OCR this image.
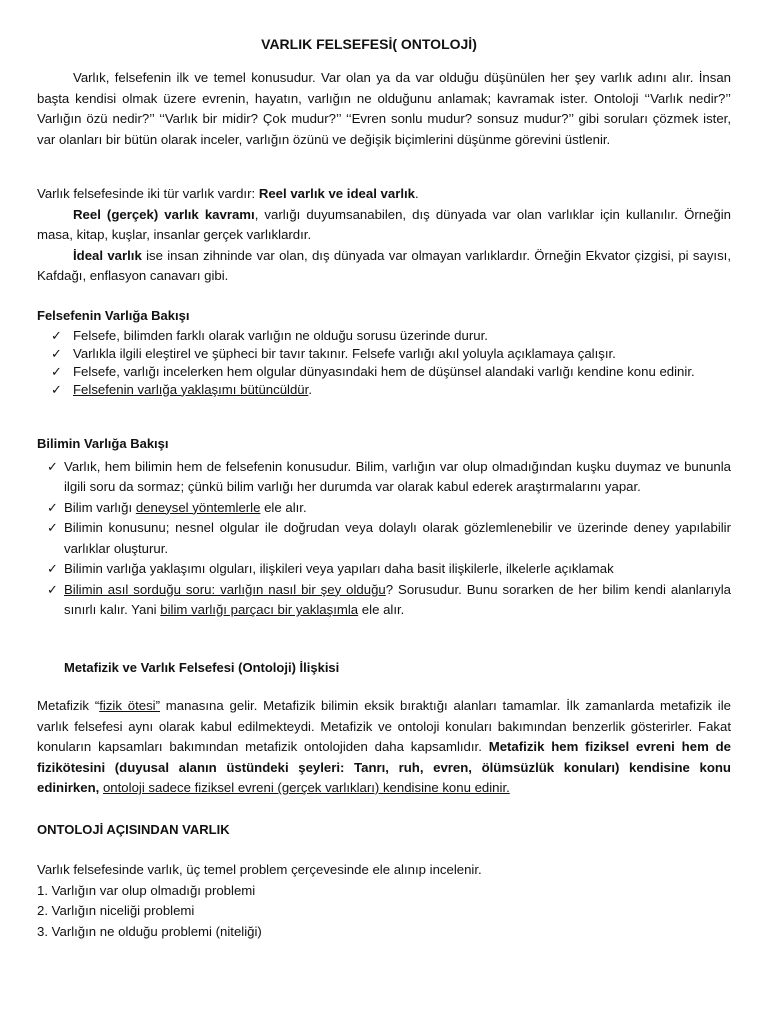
VARLIK FELSEFESİ( ONTOLOJİ)

Varlık, felsefenin ilk ve temel konusudur. Var olan ya da var olduğu düşünülen her şey varlık adını alır. İnsan başta kendisi olmak üzere evrenin, hayatın, varlığın ne olduğunu anlamak; kavramak ister. Ontoloji ‘‘Varlık nedir?’’ Varlığın özü nedir?’’ ‘‘Varlık bir midir? Çok mudur?’’ ‘‘Evren sonlu mudur? sonsuz mudur?’’ gibi soruları çözmek ister, var olanları bir bütün olarak inceler, varlığın özünü ve değişik biçimlerini düşünme görevini üstlenir.

Varlık felsefesinde iki tür varlık vardır: Reel varlık ve ideal varlık.

Reel (gerçek) varlık kavramı, varlığı duyumsanabilen, dış dünyada var olan varlıklar için kullanılır. Örneğin masa, kitap, kuşlar, insanlar gerçek varlıklardır.

İdeal varlık ise insan zihninde var olan, dış dünyada var olmayan varlıklardır. Örneğin Ekvator çizgisi, pi sayısı, Kafdağı, enflasyon canavarı gibi.

Felsefenin Varlığa Bakışı

✓ Felsefe, bilimden farklı olarak varlığın ne olduğu sorusu üzerinde durur.
✓ Varlıkla ilgili eleştirel ve şüpheci bir tavır takınır. Felsefe varlığı akıl yoluyla açıklamaya çalışır.
✓ Felsefe, varlığı incelerken hem olgular dünyasındaki hem de düşünsel alandaki varlığı kendine konu edinir.
✓ Felsefenin varlığa yaklaşımı bütüncüldür.

Bilimin Varlığa Bakışı

✓ Varlık, hem bilimin hem de felsefenin konusudur. Bilim, varlığın var olup olmadığından kuşku duymaz ve bununla ilgili soru da sormaz; çünkü bilim varlığı her durumda var olarak kabul ederek araştırmalarını yapar.
✓ Bilim varlığı deneysel yöntemlerle ele alır.
✓ Bilimin konusunu; nesnel olgular ile doğrudan veya dolaylı olarak gözlemlenebilir ve üzerinde deney yapılabilir varlıklar oluşturur.
✓ Bilimin varlığa yaklaşımı olguları, ilişkileri veya yapıları daha basit ilişkilerle, ilkelerle açıklamak
✓ Bilimin asıl sorduğu soru: varlığın nasıl bir şey olduğu? Sorusudur. Bunu sorarken de her bilim kendi alanlarıyla sınırlı kalır. Yani bilim varlığı parçacı bir yaklaşımla ele alır.

Metafizik ve Varlık Felsefesi (Ontoloji) İlişkisi

Metafizik “fizik ötesi” manasına gelir. Metafizik bilimin eksik bıraktığı alanları tamamlar. İlk zamanlarda metafizik ile varlık felsefesi aynı olarak kabul edilmekteydi. Metafizik ve ontoloji konuları bakımından benzerlik gösterirler. Fakat konuların kapsamları bakımından metafizik ontolojiden daha kapsamlıdır. Metafizik hem fiziksel evreni hem de fizikötesini (duyusal alanın üstündeki şeyleri: Tanrı, ruh, evren, ölümsüzlük konuları) kendisine konu edinirken, ontoloji sadece fiziksel evreni (gerçek varlıkları) kendisine konu edinir.

ONTOLOJİ AÇISINDAN VARLIK

Varlık felsefesinde varlık, üç temel problem çerçevesinde ele alınıp incelenir.

1. Varlığın var olup olmadığı problemi

2. Varlığın niceliği problemi

3. Varlığın ne olduğu problemi (niteliği)
